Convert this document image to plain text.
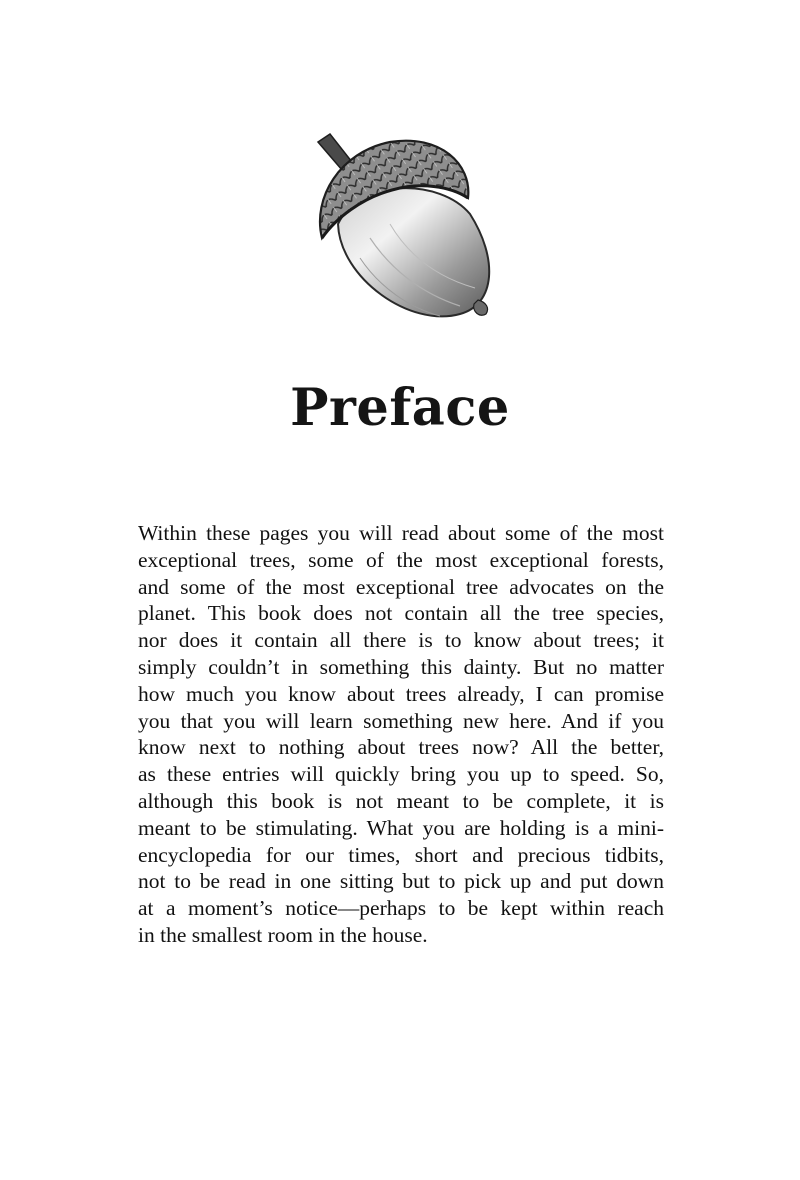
Preface
Within these pages you will read about some of the most
exceptional trees, some of the most exceptional forests,
and some of the most exceptional tree advocates on the
planet. This book does not contain all the tree species,
nor does it contain all there is to know about trees; it
simply couldn’t in something this dainty. But no matter
how much you know about trees already, I can promise
you that you will learn something new here. And if you
know next to nothing about trees now? All the better,
as these entries will quickly bring you up to speed. So,
although this book is not meant to be complete, it is
meant to be stimulating. What you are holding is a mini-
encyclopedia for our times, short and precious tidbits,
not to be read in one sitting but to pick up and put down
at a moment’s notice—perhaps to be kept within reach
in the smallest room in the house.
